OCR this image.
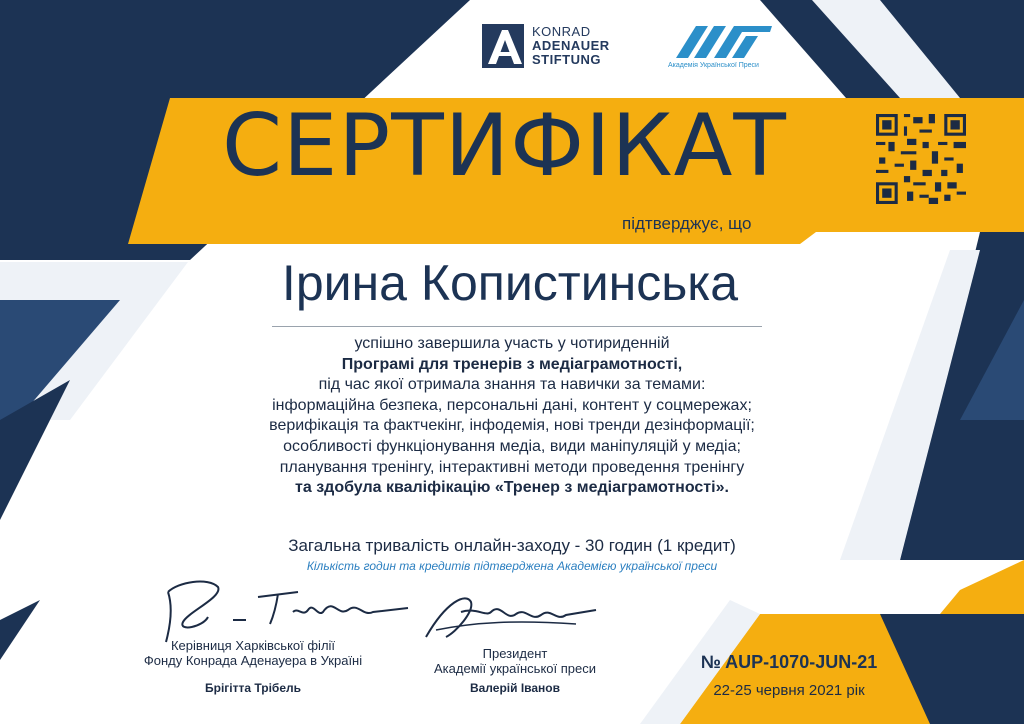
KONRAD
ADENAUER
STIFTUNG	Академія Української Преси
СЕРТИФІКАТ
підтверджує, що
Ірина Копистинська
успішно завершила участь у чотириденній
Програмі для тренерів з медіаграмотності,
під час якої отримала знання та навички за темами:
інформаційна безпека, персональні дані, контент у соцмережах;
верифікація та фактчекінг, інфодемія, нові тренди дезінформації;
особливості функціонування медіа, види маніпуляцій у медіа;
планування тренінгу, інтерактивні методи проведення тренінгу
та здобула кваліфікацію «Тренер з медіаграмотності».
Загальна тривалість онлайн-заходу - 30 годин (1 кредит)
Кількість годин та кредитів підтверджена Академією української преси
Керівниця Харківської філії
Фонду Конрада Аденауера в Україні
Брігітта Трібель
Президент
Академії української преси
Валерій Іванов
№ AUP-1070-JUN-21
22-25 червня 2021 рік
